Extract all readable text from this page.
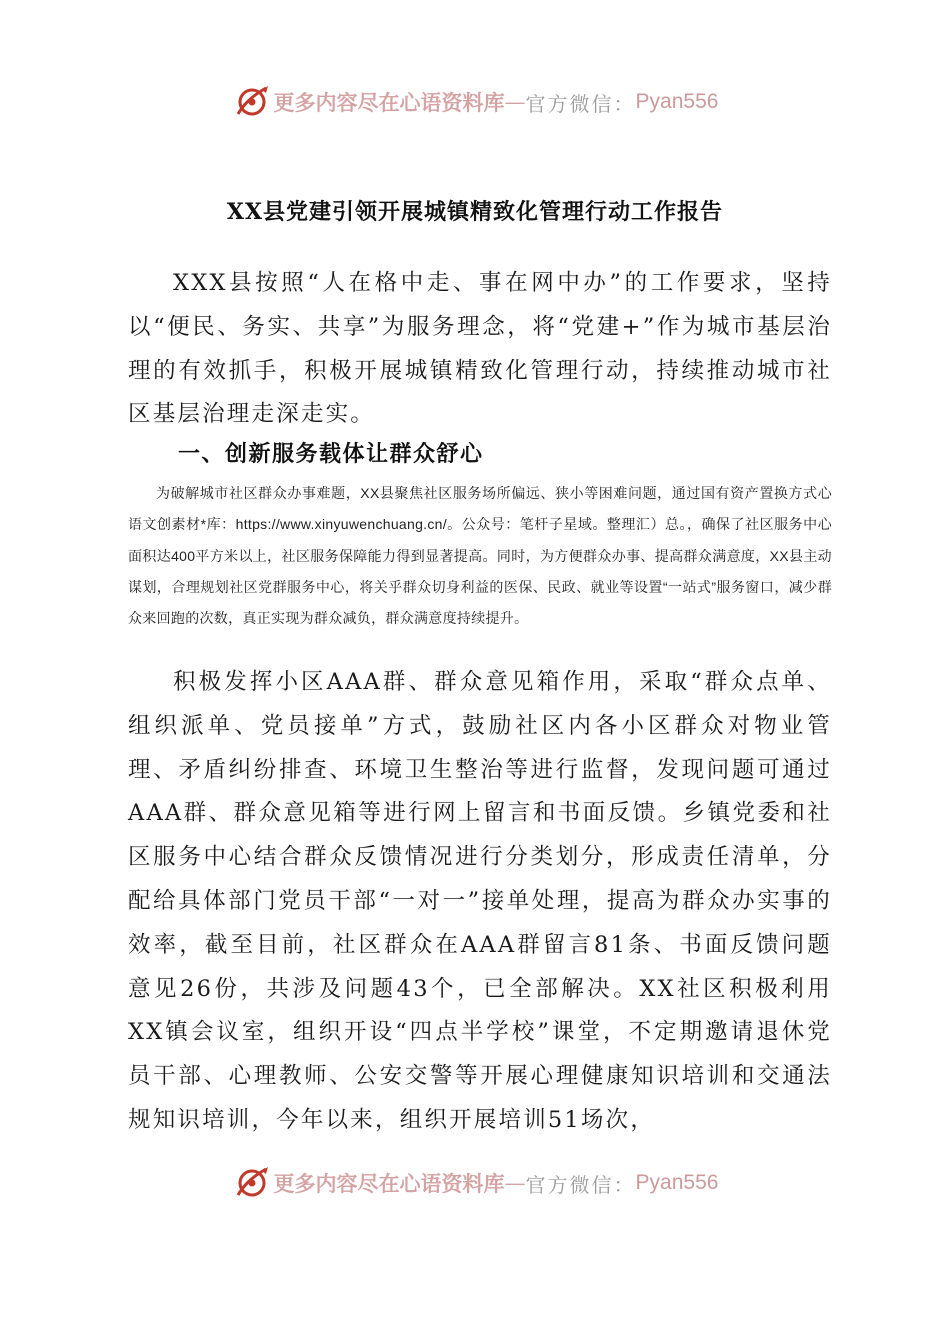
更多内容尽在心语资料库 — 官方微信： Pyan556
XX县党建引领开展城镇精致化管理行动工作报告

XXX县按照“人在格中走、事在网中办”的工作要求，坚持以“便民、务实、共享”为服务理念，将“党建+”作为城市基层治理的有效抓手，积极开展城镇精致化管理行动，持续推动城市社区基层治理走深走实。

一、创新服务载体让群众舒心

为破解城市社区群众办事难题，XX县聚焦社区服务场所偏远、狭小等困难问题，通过国有资产置换方式心语文创素材*库：https://www.xinyuwenchuang.cn/。公众号：笔杆子星域。整理汇）总。，确保了社区服务中心面积达400平方米以上，社区服务保障能力得到显著提高。同时，为方便群众办事、提高群众满意度，XX县主动谋划，合理规划社区党群服务中心，将关乎群众切身利益的医保、民政、就业等设置“一站式”服务窗口，减少群众来回跑的次数，真正实现为群众减负，群众满意度持续提升。

积极发挥小区AAA群、群众意见箱作用，采取“群众点单、组织派单、党员接单”方式，鼓励社区内各小区群众对物业管理、矛盾纠纷排查、环境卫生整治等进行监督，发现问题可通过AAA群、群众意见箱等进行网上留言和书面反馈。乡镇党委和社区服务中心结合群众反馈情况进行分类划分，形成责任清单，分配给具体部门党员干部“一对一”接单处理，提高为群众办实事的效率，截至目前，社区群众在AAA群留言81条、书面反馈问题意见26份，共涉及问题43个，已全部解决。XX社区积极利用XX镇会议室，组织开设“四点半学校”课堂，不定期邀请退休党员干部、心理教师、公安交警等开展心理健康知识培训和交通法规知识培训，今年以来，组织开展培训51场次，

更多内容尽在心语资料库 — 官方微信： Pyan556
